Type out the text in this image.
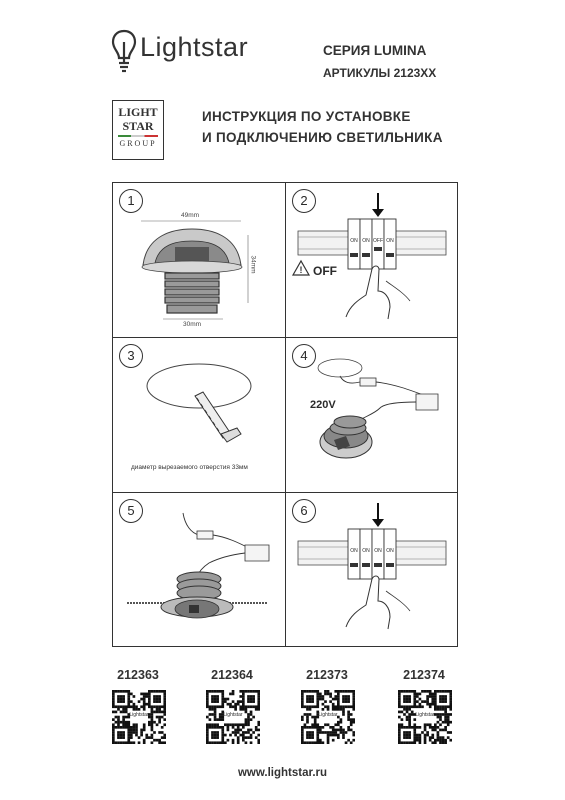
Lightstar	СЕРИЯ LUMINA
АРТИКУЛЫ 2123XX
LIGHT
STAR
GROUP
ИНСТРУКЦИЯ ПО УСТАНОВКЕ
И ПОДКЛЮЧЕНИЮ СВЕТИЛЬНИКА
1
49mm
34mm
30mm
2
!
ON ON OFF ON
OFF
3
диаметр вырезаемого отверстия 33мм
4
220V
5	6
ON ON ON ON
212363	212364	212373	212374
Lightstar	Lightstar	Lightstar	Lightstar
www.lightstar.ru
